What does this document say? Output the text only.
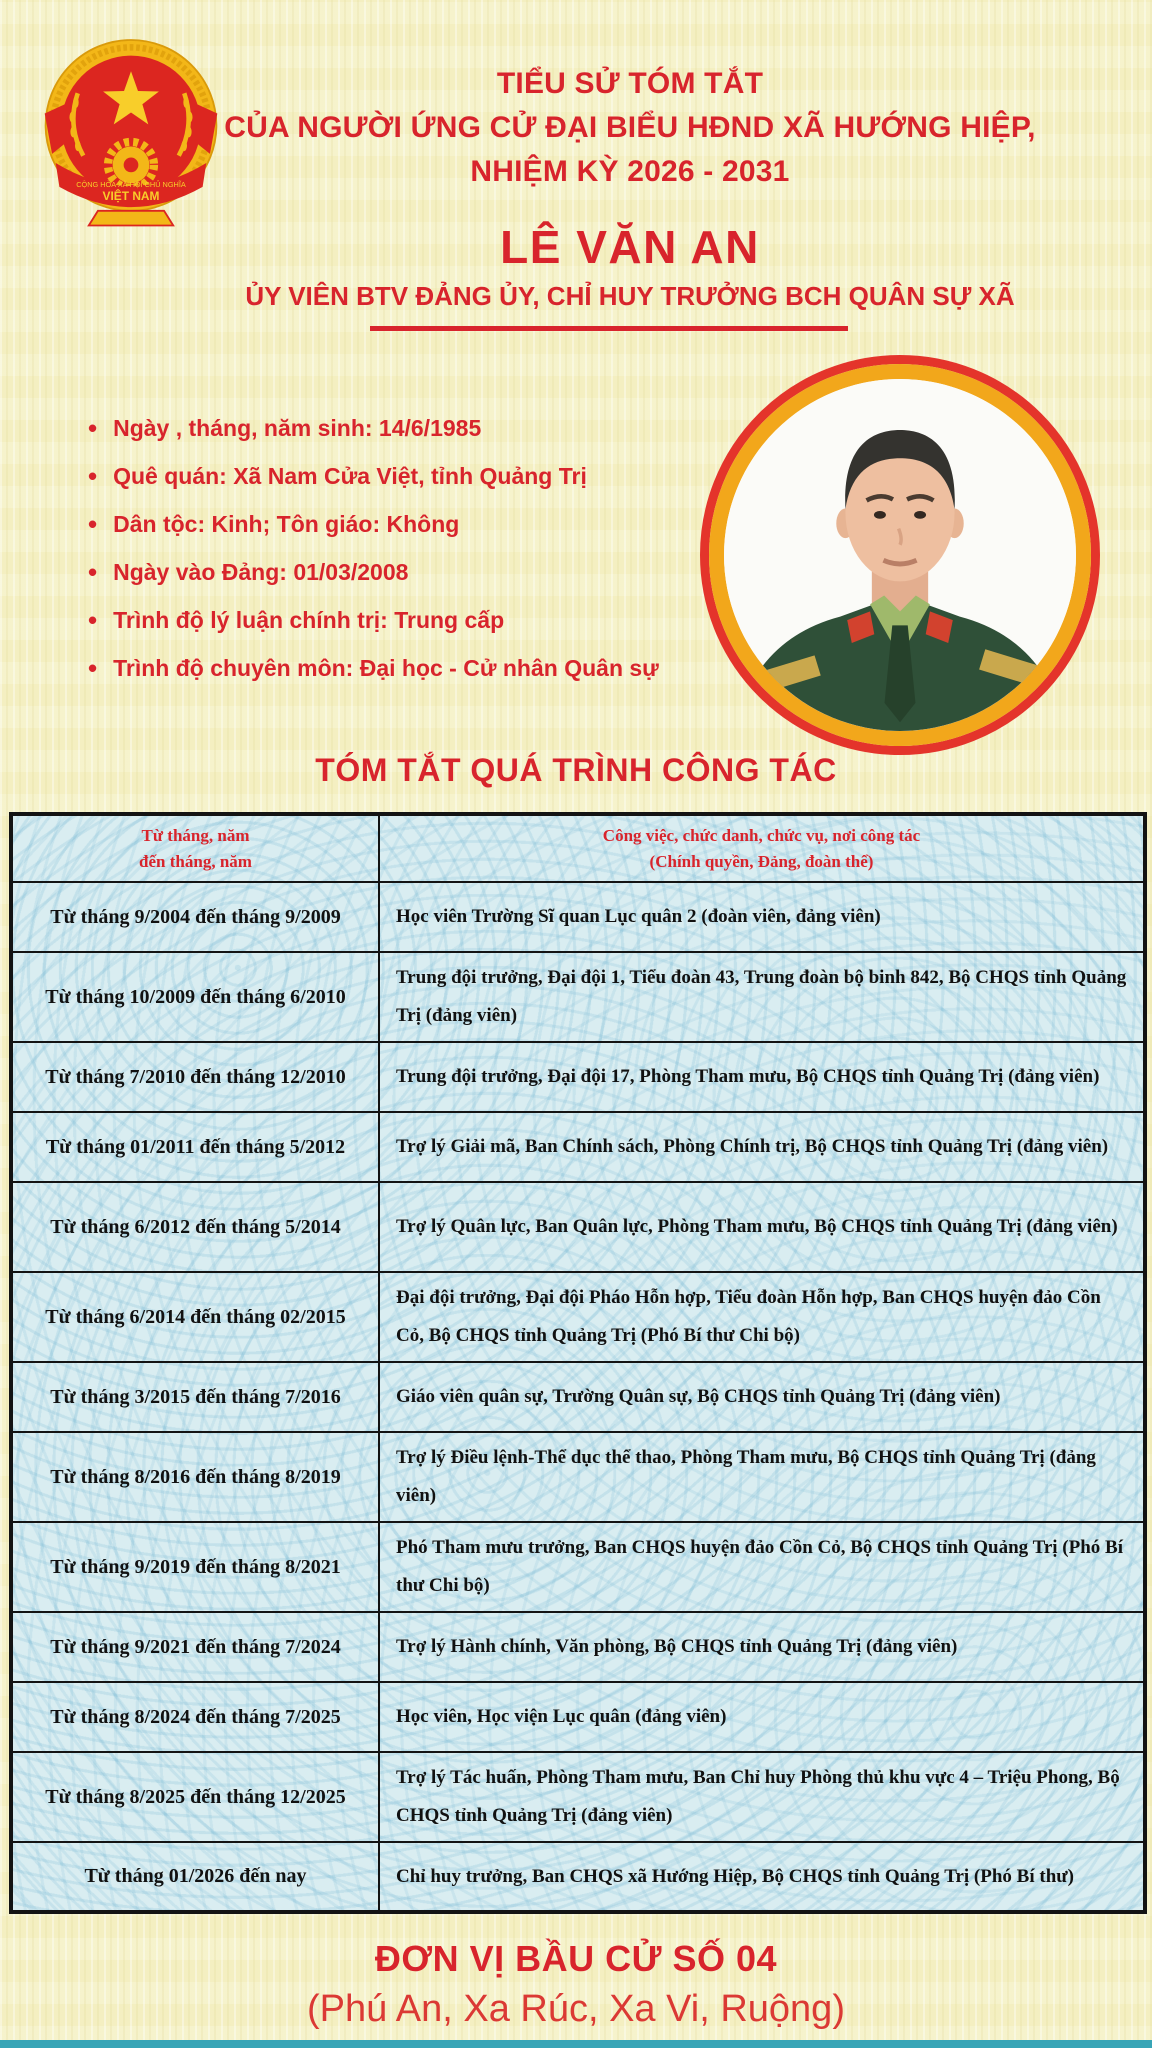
CỘNG HÒA XÃ HỘI CHỦ NGHĨA
VIỆT NAM
TIỂU SỬ TÓM TẮT
CỦA NGƯỜI ỨNG CỬ ĐẠI BIỂU HĐND XÃ HƯỚNG HIỆP,
NHIỆM KỲ 2026 - 2031
LÊ VĂN AN
ỦY VIÊN BTV ĐẢNG ỦY, CHỈ HUY TRƯỞNG BCH QUÂN SỰ XÃ
• Ngày , tháng, năm sinh: 14/6/1985
• Quê quán: Xã Nam Cửa Việt, tỉnh Quảng Trị
• Dân tộc: Kinh; Tôn giáo: Không
• Ngày vào Đảng: 01/03/2008
• Trình độ lý luận chính trị: Trung cấp
• Trình độ chuyên môn: Đại học - Cử nhân Quân sự
TÓM TẮT QUÁ TRÌNH CÔNG TÁC
Từ tháng, năm
đến tháng, năm

Công việc, chức danh, chức vụ, nơi công tác
(Chính quyền, Đảng, đoàn thể)

Từ tháng 9/2004 đến tháng 9/2009	Học viên Trường Sĩ quan Lục quân 2 (đoàn viên, đảng viên)
Từ tháng 10/2009 đến tháng 6/2010	Trung đội trưởng, Đại đội 1, Tiểu đoàn 43, Trung đoàn bộ binh 842, Bộ CHQS tỉnh Quảng Trị (đảng viên)
Từ tháng 7/2010 đến tháng 12/2010	Trung đội trưởng, Đại đội 17, Phòng Tham mưu, Bộ CHQS tỉnh Quảng Trị (đảng viên)
Từ tháng 01/2011 đến tháng 5/2012	Trợ lý Giải mã, Ban Chính sách, Phòng Chính trị, Bộ CHQS tỉnh Quảng Trị (đảng viên)
Từ tháng 6/2012 đến tháng 5/2014	Trợ lý Quân lực, Ban Quân lực, Phòng Tham mưu, Bộ CHQS tỉnh Quảng Trị (đảng viên)
Từ tháng 6/2014 đến tháng 02/2015	Đại đội trưởng, Đại đội Pháo Hỗn hợp, Tiểu đoàn Hỗn hợp, Ban CHQS huyện đảo Cồn Cỏ, Bộ CHQS tỉnh Quảng Trị (Phó Bí thư Chi bộ)
Từ tháng 3/2015 đến tháng 7/2016	Giáo viên quân sự, Trường Quân sự, Bộ CHQS tỉnh Quảng Trị (đảng viên)
Từ tháng 8/2016 đến tháng 8/2019	Trợ lý Điều lệnh-Thể dục thể thao, Phòng Tham mưu, Bộ CHQS tỉnh Quảng Trị (đảng viên)
Từ tháng 9/2019 đến tháng 8/2021	Phó Tham mưu trưởng, Ban CHQS huyện đảo Cồn Cỏ, Bộ CHQS tỉnh Quảng Trị (Phó Bí thư Chi bộ)
Từ tháng 9/2021 đến tháng 7/2024	Trợ lý Hành chính, Văn phòng, Bộ CHQS tỉnh Quảng Trị (đảng viên)
Từ tháng 8/2024 đến tháng 7/2025	Học viên, Học viện Lục quân (đảng viên)
Từ tháng 8/2025 đến tháng 12/2025	Trợ lý Tác huấn, Phòng Tham mưu, Ban Chỉ huy Phòng thủ khu vực 4 – Triệu Phong, Bộ CHQS tỉnh Quảng Trị (đảng viên)
Từ tháng 01/2026 đến nay	Chỉ huy trưởng, Ban CHQS xã Hướng Hiệp, Bộ CHQS tỉnh Quảng Trị (Phó Bí thư)
ĐƠN VỊ BẦU CỬ SỐ 04
(Phú An, Xa Rúc, Xa Vi, Ruộng)
